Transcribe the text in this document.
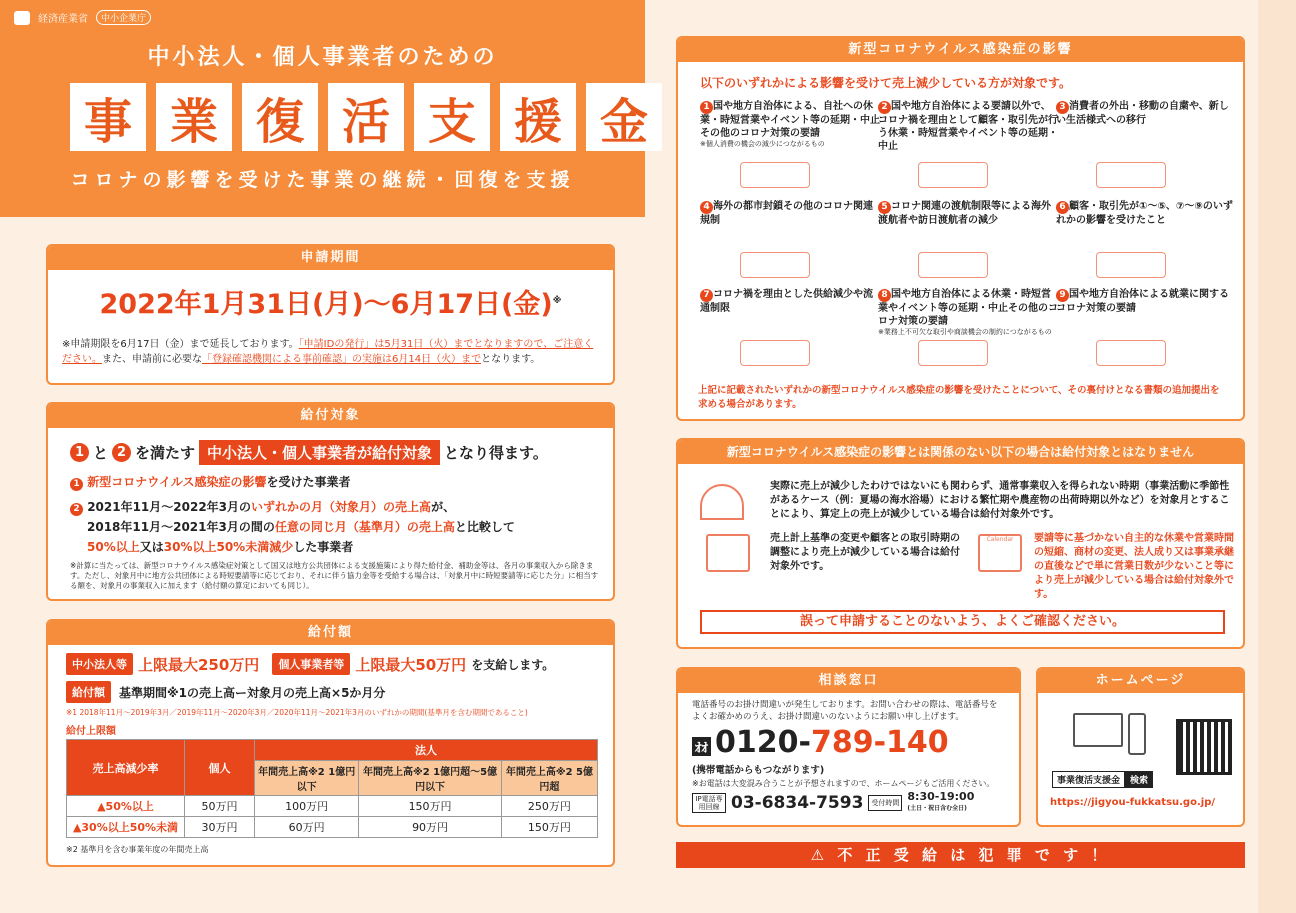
経済産業省	中小企業庁
中小法人・個人事業者のための
事 業 復 活 支 援 金
コロナの影響を受けた事業の継続・回復を支援
申請期間
2022年1月31日(月)～6月17日(金)※
※申請期限を6月17日（金）まで延長しております。「申請IDの発行」は5月31日（火）までとなりますので、ご注意ください。また、申請前に必要な「登録確認機関による事前確認」の実施は6月14日（火）までとなります。
給付対象
1 と 2 を満たす 中小法人・個人事業者が給付対象 となり得ます。
1 新型コロナウイルス感染症の影響を受けた事業者
2 2021年11月～2022年3月のいずれかの月（対象月）の売上高が、
2018年11月～2021年3月の間の任意の同じ月（基準月）の売上高と比較して
50%以上又は30%以上50%未満減少した事業者
※計算に当たっては、新型コロナウイルス感染症対策として国又は地方公共団体による支援施策により得た給付金、補助金等は、各月の事業収入から除きます。ただし、対象月中に地方公共団体による時短要請等に応じており、それに伴う協力金等を受給する場合は、「対象月中に時短要請等に応じた分」に相当する額を、対象月の事業収入に加えます（給付額の算定においても同じ）。
給付額
中小法人等 上限最大250万円	個人事業者等 上限最大50万円 を支給します。
給付額	基準期間※1の売上高ー対象月の売上高×5か月分
※1 2018年11月～2019年3月／2019年11月～2020年3月／2020年11月～2021年3月のいずれかの期間(基準月を含む期間であること)
給付上限額
売上高減少率	個人	法人		
		年間売上高※2 1億円以下	年間売上高※2 1億円超～5億円以下	年間売上高※2 5億円超
▲50%以上	50万円	100万円	150万円	250万円
▲30%以上50%未満	30万円	60万円	90万円	150万円
※2 基準月を含む事業年度の年間売上高
新型コロナウイルス感染症の影響
以下のいずれかによる影響を受けて売上減少している方が対象です。
1 国や地方自治体による、自社への休業・時短営業やイベント等の延期・中止その他のコロナ対策の要請
※個人消費の機会の減少につながるもの
2 国や地方自治体による要請以外で、コロナ禍を理由として顧客・取引先が行う休業・時短営業やイベント等の延期・中止
3 消費者の外出・移動の自粛や、新しい生活様式への移行
4 海外の都市封鎖その他のコロナ関連規制
5 コロナ関連の渡航制限等による海外渡航者や訪日渡航者の減少
6 顧客・取引先が①～⑤、⑦～⑨のいずれかの影響を受けたこと
7 コロナ禍を理由とした供給減少や流通制限
8 国や地方自治体による休業・時短営業やイベント等の延期・中止その他のコロナ対策の要請
※業務上不可欠な取引や商談機会の制約につながるもの
9 国や地方自治体による就業に関するコロナ対策の要請
上記に記載されたいずれかの新型コロナウイルス感染症の影響を受けたことについて、その裏付けとなる書類の追加提出を求める場合があります。
新型コロナウイルス感染症の影響とは関係のない以下の場合は給付対象とはなりません
実際に売上が減少したわけではないにも関わらず、通常事業収入を得られない時期（事業活動に季節性があるケース（例：夏場の海水浴場）における繁忙期や農産物の出荷時期以外など）を対象月とすることにより、算定上の売上が減少している場合は給付対象外です。
売上計上基準の変更や顧客との取引時期の調整により売上が減少している場合は給付対象外です。
Calendar	要請等に基づかない自主的な休業や営業時間の短縮、商材の変更、法人成り又は事業承継の直後などで単に営業日数が少ないこと等により売上が減少している場合は給付対象外です。
誤って申請することのないよう、よくご確認ください。
相談窓口
電話番号のお掛け間違いが発生しております。お問い合わせの際は、電話番号をよくお確かめのうえ、お掛け間違いのないようにお願い申し上げます。
ｵｵ 0120-789-140
(携帯電話からもつながります)
※お電話は大変混み合うことが予想されますので、ホームページもご活用ください。
IP電話専用回線 03-6834-7593	受付時間 8:30-19:00
(土日・祝日含む全日)
ホームページ
事業復活支援金	検索
https://jigyou-fukkatsu.go.jp/
⚠ 不 正 受 給 は 犯 罪 で す ！
